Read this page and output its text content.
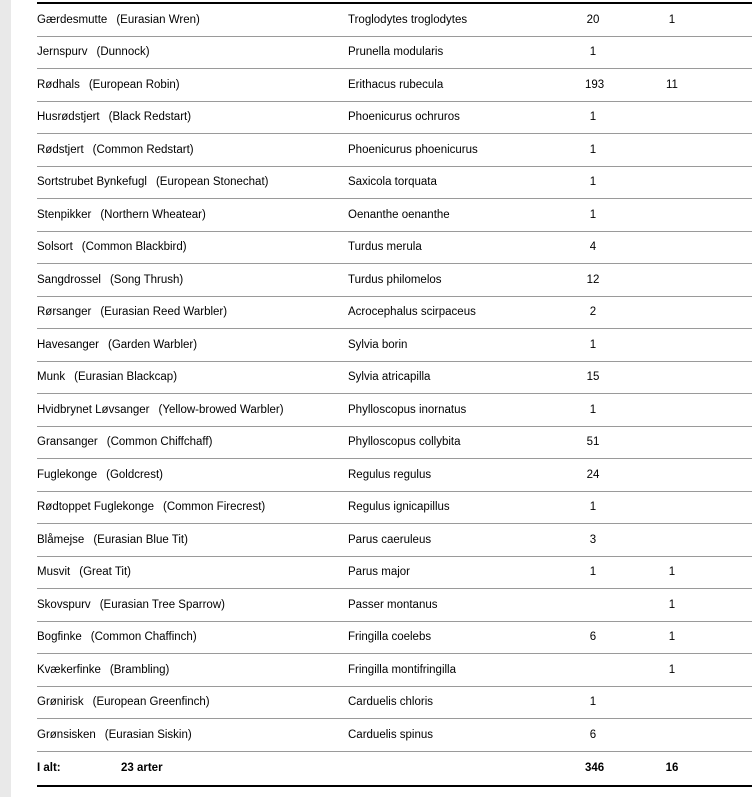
Gærdesmutte (Eurasian Wren)	Troglodytes troglodytes	20	1
Jernspurv (Dunnock)	Prunella modularis	1	
Rødhals (European Robin)	Erithacus rubecula	193	11
Husrødstjert (Black Redstart)	Phoenicurus ochruros	1	
Rødstjert (Common Redstart)	Phoenicurus phoenicurus	1	
Sortstrubet Bynkefugl (European Stonechat)	Saxicola torquata	1	
Stenpikker (Northern Wheatear)	Oenanthe oenanthe	1	
Solsort (Common Blackbird)	Turdus merula	4	
Sangdrossel (Song Thrush)	Turdus philomelos	12	
Rørsanger (Eurasian Reed Warbler)	Acrocephalus scirpaceus	2	
Havesanger (Garden Warbler)	Sylvia borin	1	
Munk (Eurasian Blackcap)	Sylvia atricapilla	15	
Hvidbrynet Løvsanger (Yellow-browed Warbler)	Phylloscopus inornatus	1	
Gransanger (Common Chiffchaff)	Phylloscopus collybita	51	
Fuglekonge (Goldcrest)	Regulus regulus	24	
Rødtoppet Fuglekonge (Common Firecrest)	Regulus ignicapillus	1	
Blåmejse (Eurasian Blue Tit)	Parus caeruleus	3	
Musvit (Great Tit)	Parus major	1	1
Skovspurv (Eurasian Tree Sparrow)	Passer montanus		1
Bogfinke (Common Chaffinch)	Fringilla coelebs	6	1
Kvækerfinke (Brambling)	Fringilla montifringilla		1
Grønirisk (European Greenfinch)	Carduelis chloris	1	
Grønsisken (Eurasian Siskin)	Carduelis spinus	6	
I alt: 23 arter		346	16
